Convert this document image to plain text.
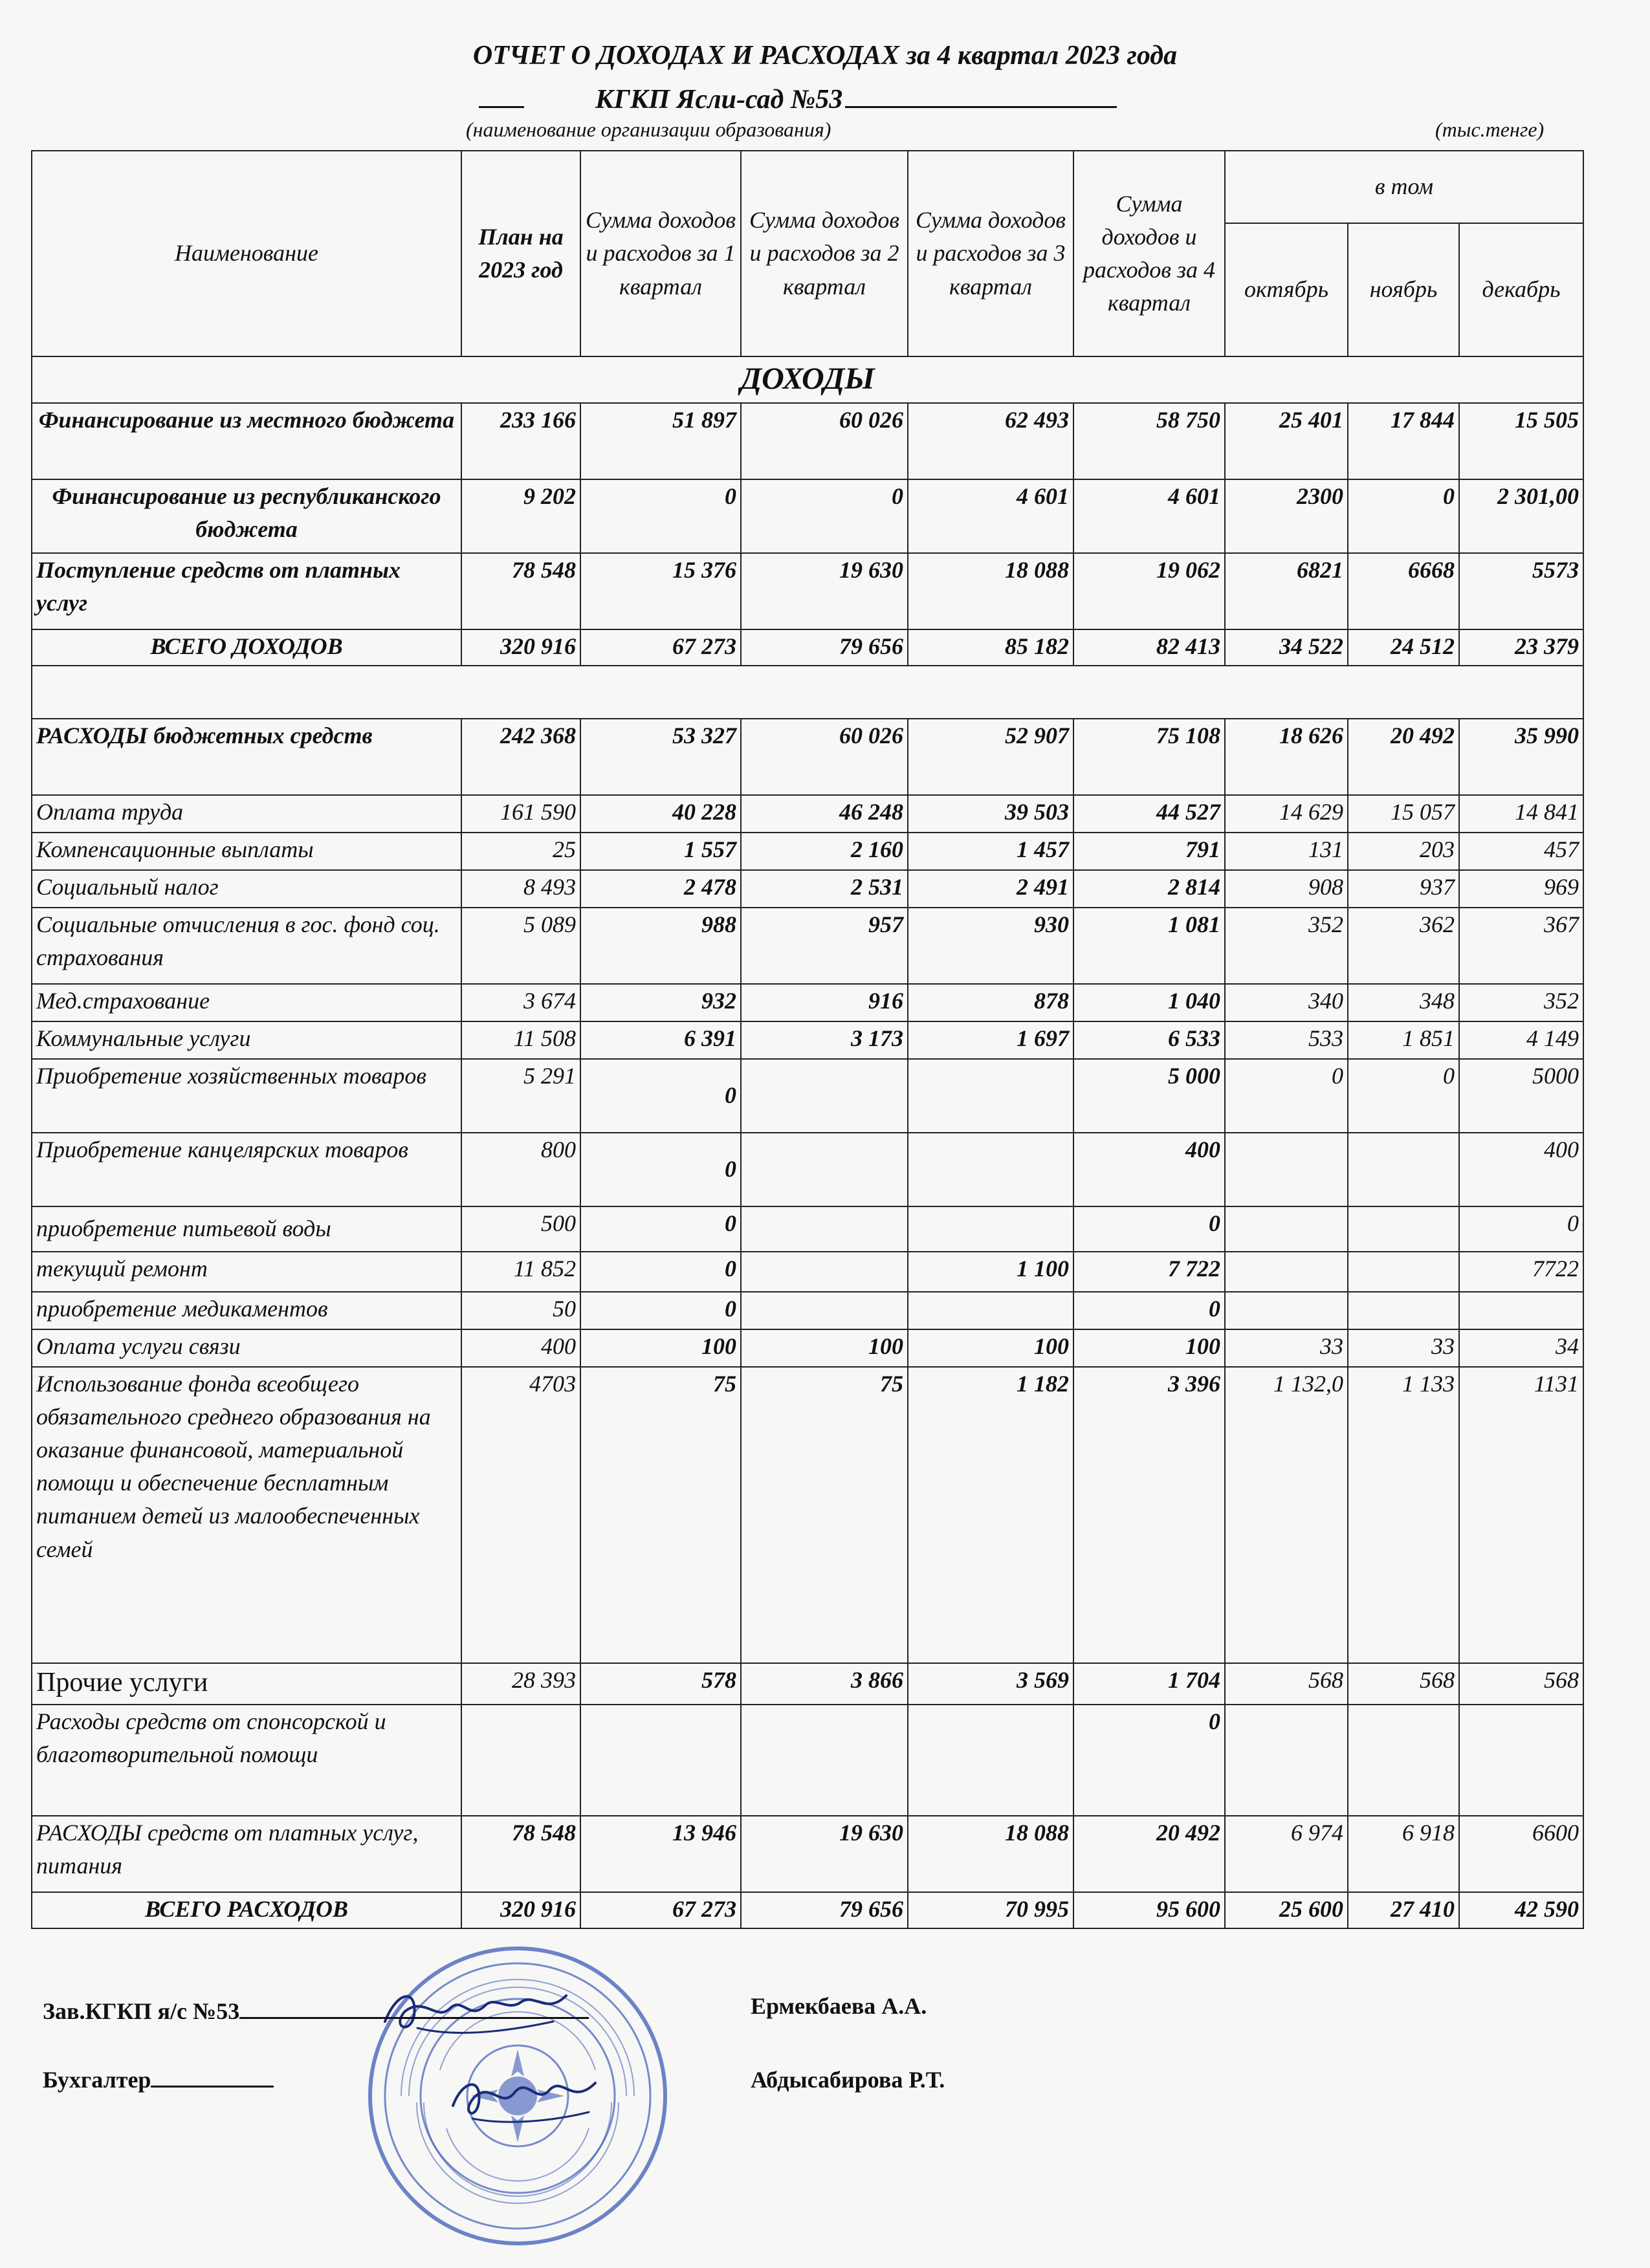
ОТЧЕТ О ДОХОДАХ И РАСХОДАХ за 4 квартал 2023 года
КГКП Ясли-сад №53
(наименование организации образования)	(тыс.тенге)
Наименование	План на 2023 год	Сумма доходов и расходов за 1 квартал	Сумма доходов и расходов за 2 квартал	Сумма доходов и расходов за 3 квартал	Сумма доходов и расходов за 4 квартал	в том		
						октябрь	ноябрь	декабрь
ДОХОДЫ								
Финансирование из местного бюджета	233 166	51 897	60 026	62 493	58 750	25 401	17 844	15 505
Финансирование из республиканского бюджета	9 202	0	0	4 601	4 601	2300	0	2 301,00
Поступление средств от платных услуг	78 548	15 376	19 630	18 088	19 062	6821	6668	5573
ВСЕГО ДОХОДОВ	320 916	67 273	79 656	85 182	82 413	34 522	24 512	23 379

РАСХОДЫ бюджетных средств	242 368	53 327	60 026	52 907	75 108	18 626	20 492	35 990
Оплата труда	161 590	40 228	46 248	39 503	44 527	14 629	15 057	14 841
Компенсационные выплаты	25	1 557	2 160	1 457	791	131	203	457
Социальный налог	8 493	2 478	2 531	2 491	2 814	908	937	969
Социальные отчисления в гос. фонд соц. страхования	5 089	988	957	930	1 081	352	362	367
Мед.страхование	3 674	932	916	878	1 040	340	348	352
Коммунальные услуги	11 508	6 391	3 173	1 697	6 533	533	1 851	4 149
Приобретение хозяйственных товаров	5 291	0			5 000	0	0	5000
Приобретение канцелярских товаров	800	0			400			400
приобретение питьевой воды	500	0			0			0
текущий ремонт	11 852	0		1 100	7 722			7722
приобретение медикаментов	50	0			0			
Оплата услуги связи	400	100	100	100	100	33	33	34
Использование фонда всеобщего обязательного среднего образования на оказание финансовой, материальной помощи и обеспечение бесплатным питанием детей из малообеспеченных семей	4703	75	75	1 182	3 396	1 132,0	1 133	1131
Прочие услуги	28 393	578	3 866	3 569	1 704	568	568	568
Расходы средств от спонсорской и благотворительной помощи					0			
РАСХОДЫ средств от платных услуг, питания	78 548	13 946	19 630	18 088	20 492	6 974	6 918	6600
ВСЕГО РАСХОДОВ	320 916	67 273	79 656	70 995	95 600	25 600	27 410	42 590
Зав.КГКП я/с №53	Ермекбаева А.А.
Бухгалтер	Абдысабирова Р.Т.
